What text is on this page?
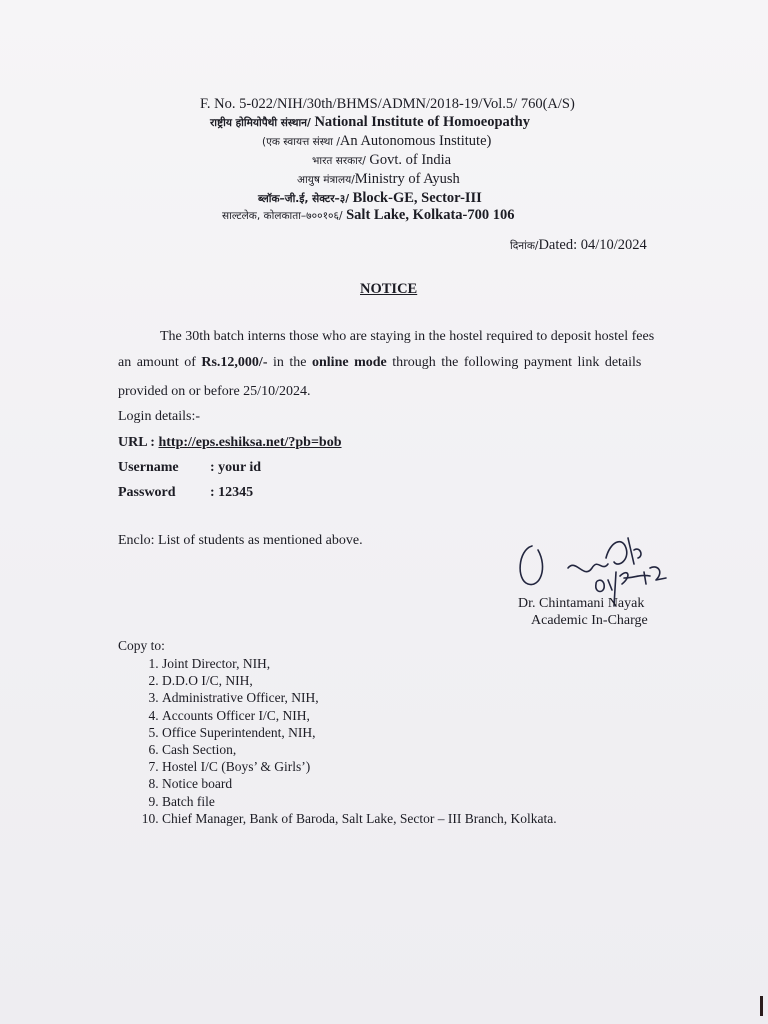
F. No. 5-022/NIH/30th/BHMS/ADMN/2018-19/Vol.5/ 760(A/S)
राष्ट्रीय होमियोपैथी संस्थान/ National Institute of Homoeopathy
(एक स्वायत्त संस्था /An Autonomous Institute)
भारत सरकार/ Govt. of India
आयुष मंत्रालय/Ministry of Ayush
ब्लॉक–जी.ई, सेक्टर–३/ Block-GE, Sector-III
साल्टलेक, कोलकाता–७००१०६/ Salt Lake, Kolkata-700 106
दिनांक/Dated: 04/10/2024
NOTICE
The 30th batch interns those who are staying in the hostel required to deposit hostel fees
an amount of Rs.12,000/- in the online mode through the following payment link details
provided on or before 25/10/2024.
Login details:-
URL : http://eps.eshiksa.net/?pb=bob
Username : your id
Password : 12345
Enclo: List of students as mentioned above.
Dr. Chintamani Nayak
Academic In-Charge
Copy to:
1. Joint Director, NIH,
2. D.D.O I/C, NIH,
3. Administrative Officer, NIH,
4. Accounts Officer I/C, NIH,
5. Office Superintendent, NIH,
6. Cash Section,
7. Hostel I/C (Boys’ & Girls’)
8. Notice board
9. Batch file
10. Chief Manager, Bank of Baroda, Salt Lake, Sector – III Branch, Kolkata.
